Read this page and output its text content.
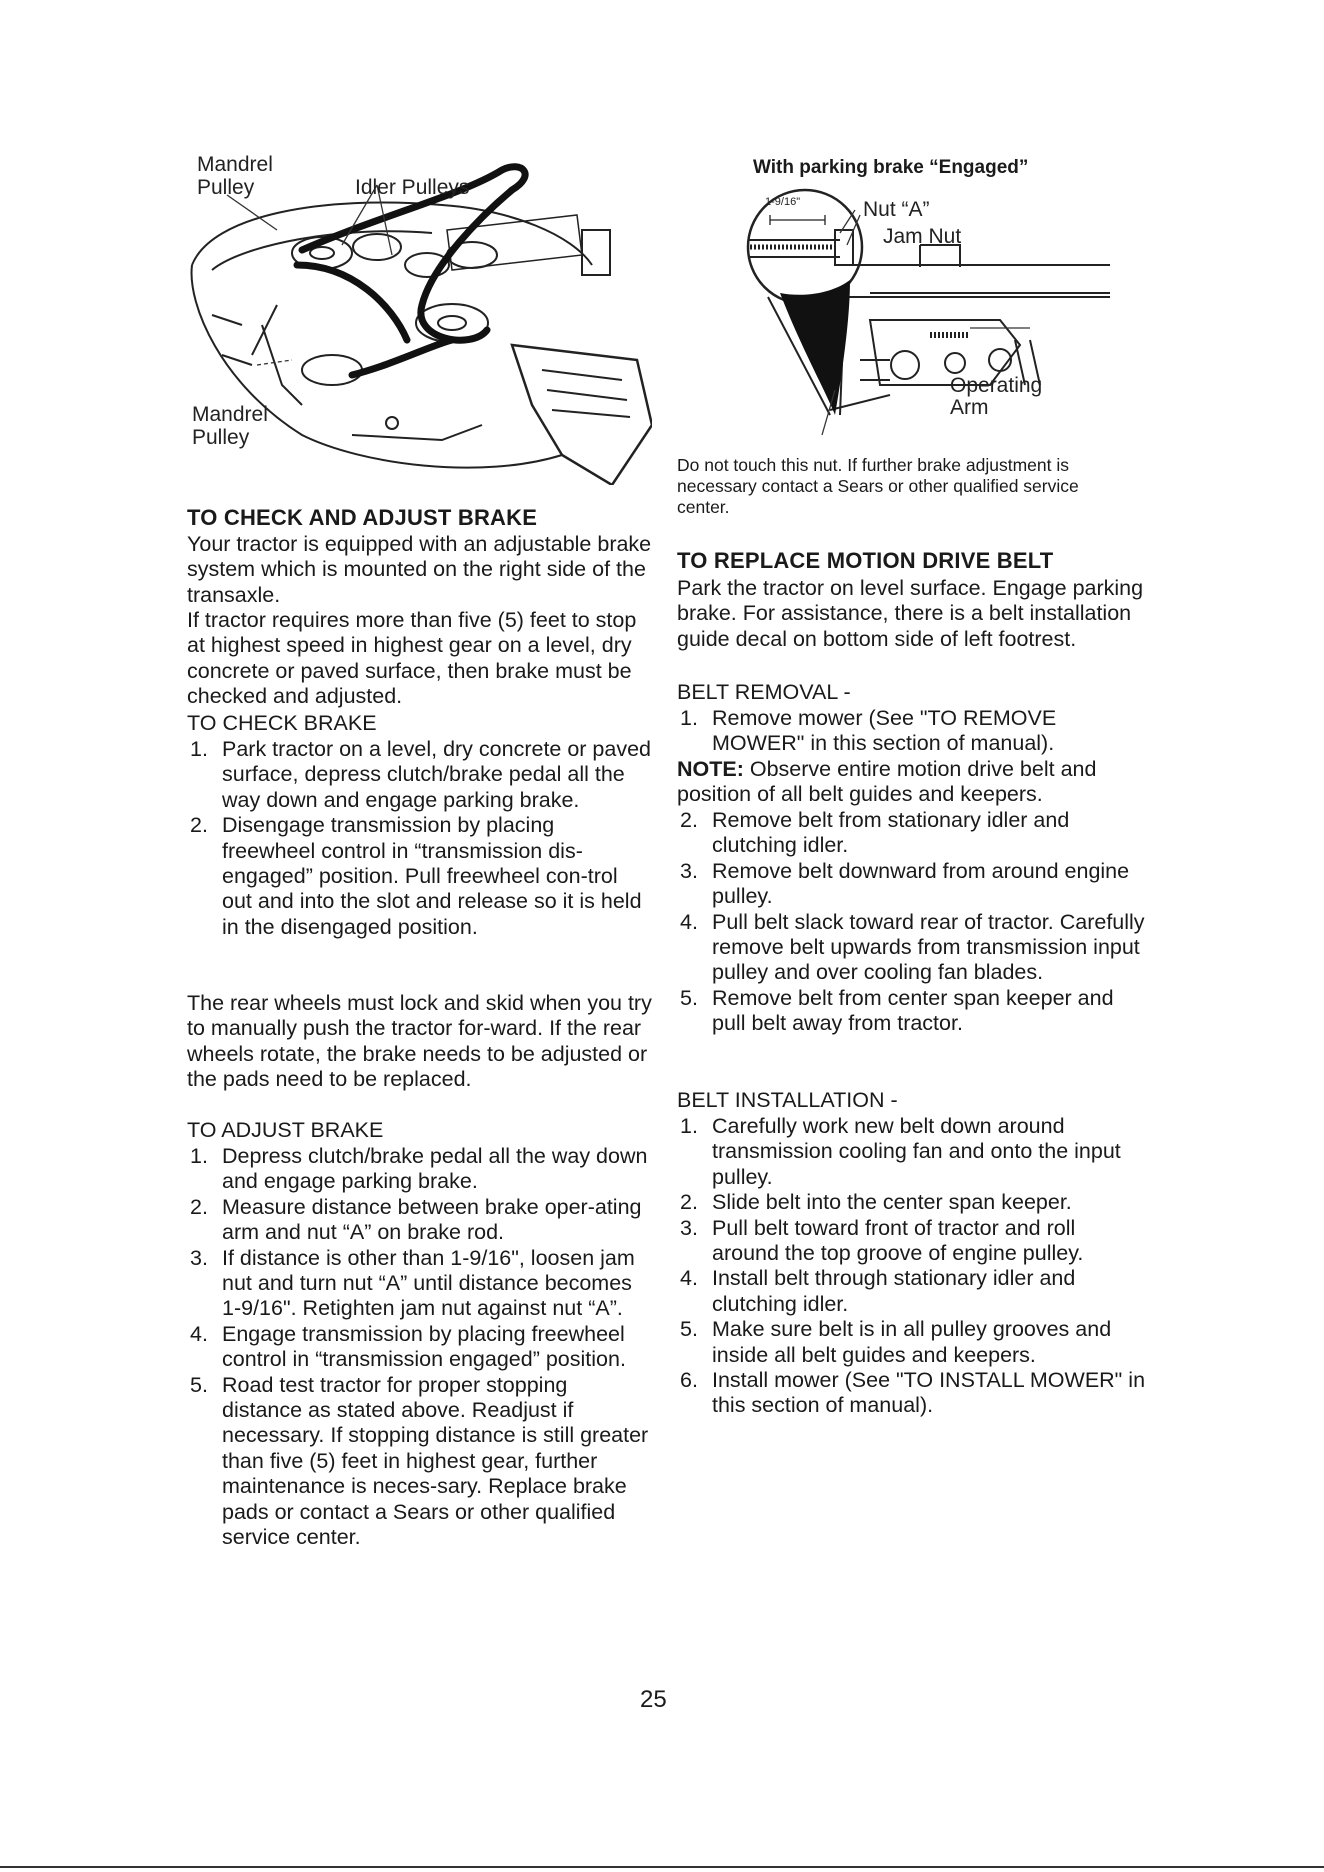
Mandrel
Pulley	Idler Pulleys
Mandrel
Pulley
TO CHECK AND ADJUST BRAKE

Your tractor is equipped with an adjustable brake system which is mounted on the right side of the transaxle.

If tractor requires more than five (5) feet to stop at highest speed in highest gear on a level, dry concrete or paved surface, then brake must be checked and adjusted.

TO CHECK BRAKE
1. Park tractor on a level, dry concrete or paved surface, depress clutch/brake pedal all the way down and engage parking brake.
2. Disengage transmission by placing freewheel control in “transmission dis-engaged” position. Pull freewheel con-trol out and into the slot and release so it is held in the disengaged position.

The rear wheels must lock and skid when you try to manually push the tractor for-ward. If the rear wheels rotate, the brake needs to be adjusted or the pads need to be replaced.

TO ADJUST BRAKE
1. Depress clutch/brake pedal all the way down and engage parking brake.
2. Measure distance between brake oper-ating arm and nut “A” on brake rod.
3. If distance is other than 1-9/16", loosen jam nut and turn nut “A” until distance becomes 1-9/16". Retighten jam nut against nut “A”.
4. Engage transmission by placing freewheel control in “transmission engaged” position.
5. Road test tractor for proper stopping distance as stated above. Readjust if necessary. If stopping distance is still greater than five (5) feet in highest gear, further maintenance is neces-sary. Replace brake pads or contact a Sears or other qualified service center.
With parking brake “Engaged”
1-9/16"	Nut “A”
Jam Nut
Operating
Arm

Do not touch this nut. If further brake adjustment is necessary contact a Sears or other qualified service center.

TO REPLACE MOTION DRIVE BELT

Park the tractor on level surface. Engage parking brake. For assistance, there is a belt installation guide decal on bottom side of left footrest.

BELT REMOVAL -
1. Remove mower (See "TO REMOVE MOWER" in this section of manual).

NOTE: Observe entire motion drive belt and position of all belt guides and keepers.

2. Remove belt from stationary idler and clutching idler.
3. Remove belt downward from around engine pulley.
4. Pull belt slack toward rear of tractor. Carefully remove belt upwards from transmission input pulley and over cooling fan blades.
5. Remove belt from center span keeper and pull belt away from tractor.
BELT INSTALLATION -
1. Carefully work new belt down around transmission cooling fan and onto the input pulley.
2. Slide belt into the center span keeper.
3. Pull belt toward front of tractor and roll around the top groove of engine pulley.
4. Install belt through stationary idler and clutching idler.
5. Make sure belt is in all pulley grooves and inside all belt guides and keepers.
6. Install mower (See "TO INSTALL MOWER" in this section of manual).
25
